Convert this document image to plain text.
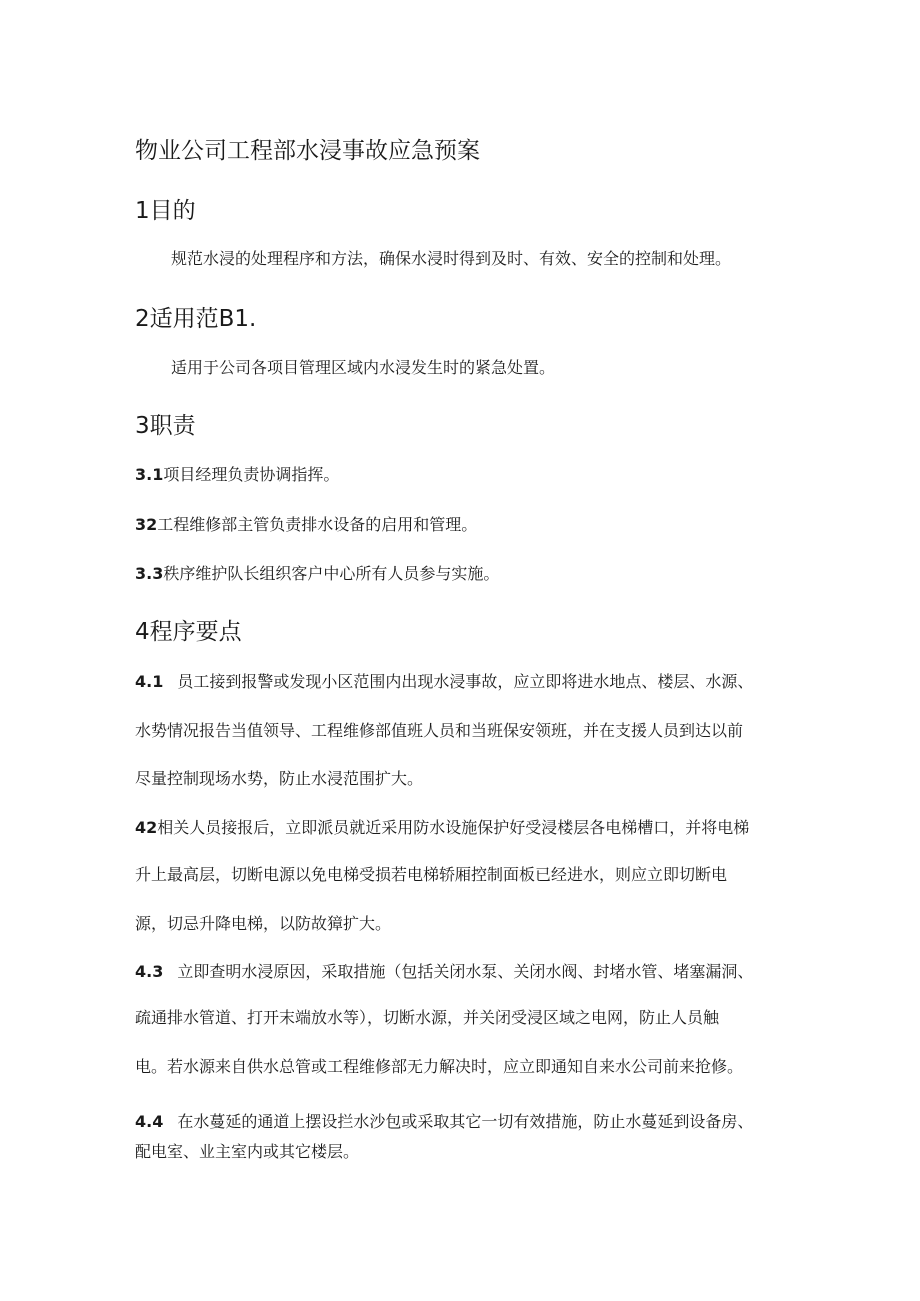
物业公司工程部水浸事故应急预案
1目的
规范水浸的处理程序和方法，确保水浸时得到及时、有效、安全的控制和处理。
2适用范B1.
适用于公司各项目管理区域内水浸发生时的紧急处置。
3职责
3.1项目经理负责协调指挥。
32工程维修部主管负责排水设备的启用和管理。
3.3秩序维护队长组织客户中心所有人员参与实施。
4程序要点
4.1 员工接到报警或发现小区范围内出现水浸事故，应立即将进水地点、楼层、水源、
水势情况报告当值领导、工程维修部值班人员和当班保安领班，并在支援人员到达以前
尽量控制现场水势，防止水浸范围扩大。
42相关人员接报后，立即派员就近采用防水设施保护好受浸楼层各电梯槽口，并将电梯
升上最高层，切断电源以免电梯受损若电梯轿厢控制面板已经进水，则应立即切断电
源，切忌升降电梯，以防故獐扩大。
4.3 立即查明水浸原因，采取措施（包括关闭水泵、关闭水阀、封堵水管、堵塞漏洞、
疏通排水管道、打开末端放水等），切断水源，并关闭受浸区域之电网，防止人员触
电。若水源来自供水总管或工程维修部无力解决时，应立即通知自来水公司前来抢修。
4.4 在水蔓延的通道上摆设拦水沙包或采取其它一切有效措施，防止水蔓延到设备房、
配电室、业主室内或其它楼层。
